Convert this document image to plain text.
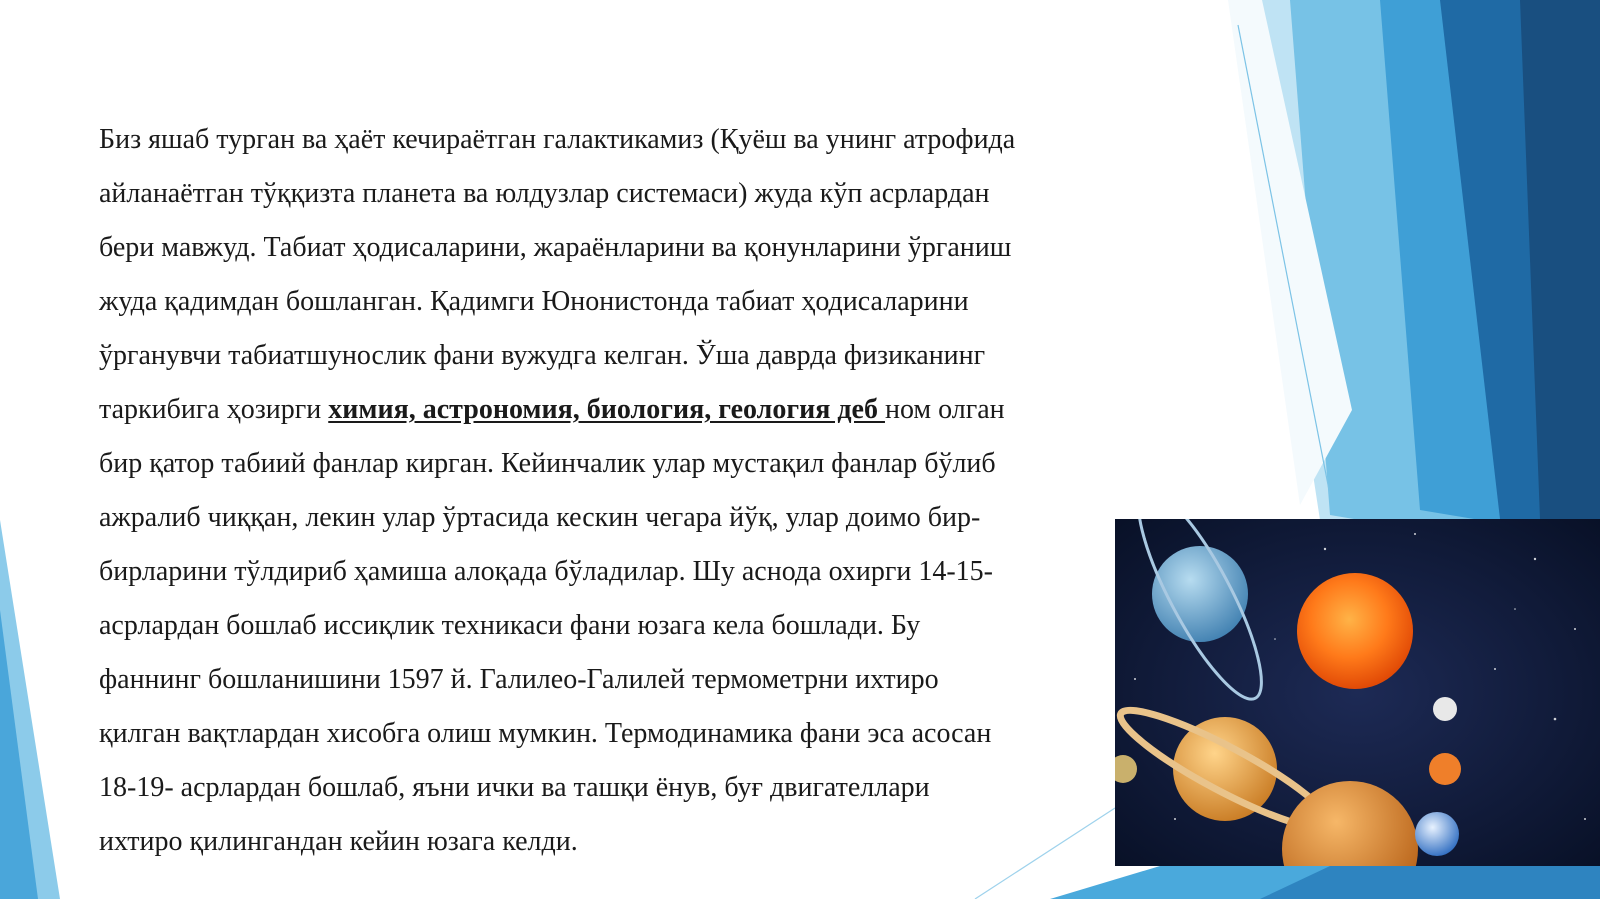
Биз яшаб турган ва ҳаёт кечираётган галактикамиз (Қуёш ва унинг атрофида
айланаётган тўққизта планета ва юлдузлар системаси) жуда кўп асрлардан
бери мавжуд. Табиат ҳодисаларини, жараёнларини ва қонунларини ўрганиш
жуда қадимдан бошланган. Қадимги Юнонистонда табиат ҳодисаларини
ўрганувчи табиатшунослик фани вужудга келган. Ўша даврда физиканинг
таркибига ҳозирги химия, астрономия, биология, геология деб ном олган
бир қатор табиий фанлар кирган. Кейинчалик улар мустақил фанлар бўлиб
ажралиб чиққан, лекин улар ўртасида кескин чегара йўқ, улар доимо бир-
бирларини тўлдириб ҳамиша алоқада бўладилар. Шу аснода охирги 14-15-
асрлардан бошлаб иссиқлик техникаси фани юзага кела бошлади. Бу
фаннинг бошланишини 1597 й. Галилео-Галилей термометрни ихтиро
қилган вақтлардан хисобга олиш мумкин. Термодинамика фани эса асосан
18-19- асрлардан бошлаб, яъни ички ва ташқи ёнув, буғ двигателлари
ихтиро қилингандан кейин юзага келди.
